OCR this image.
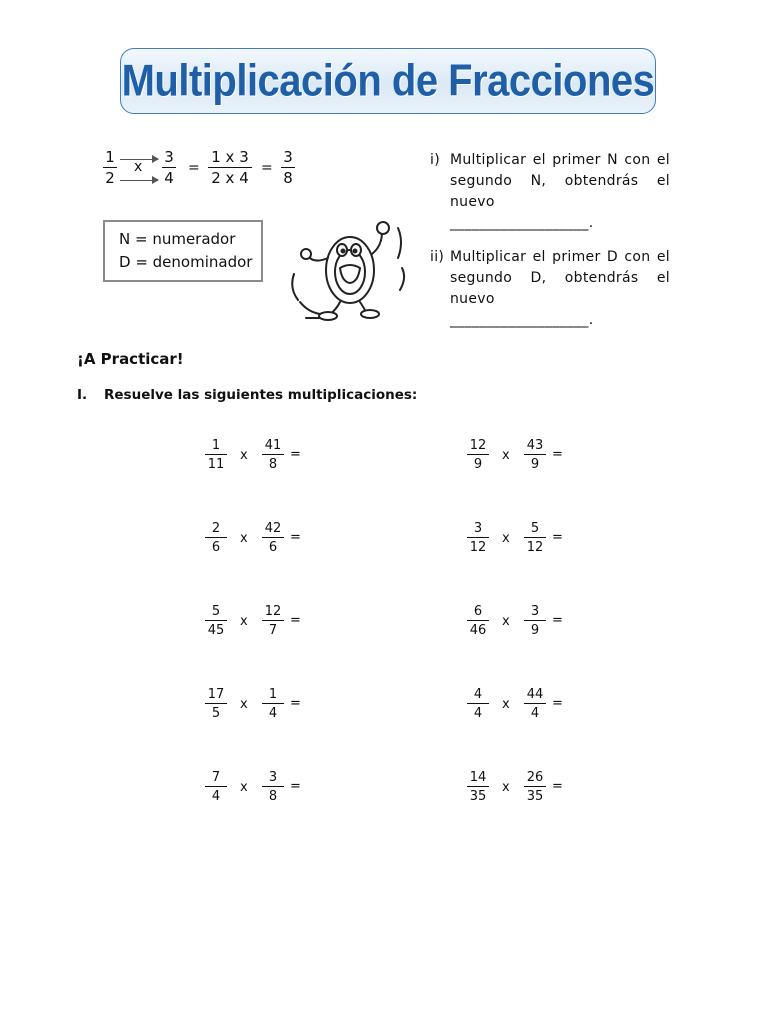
Multiplicación de Fracciones
1
2
x
3
4
=
1 x 3
2 x 4
=
3
8
N = numerador
D = denominador
i) Multiplicar el primer N con el segundo N, obtendrás el nuevo
___________________.
ii) Multiplicar el primer D con el segundo D, obtendrás el nuevo
___________________.
¡A Practicar!
I. Resuelve las siguientes multiplicaciones:
1
11
x
41
8
=
12
9
x
43
9
=
2
6
x
42
6
=
3
12
x
5
12
=
5
45
x
12
7
=
6
46
x
3
9
=
17
5
x
1
4
=
4
4
x
44
4
=
7
4
x
3
8
=
14
35
x
26
35
=
